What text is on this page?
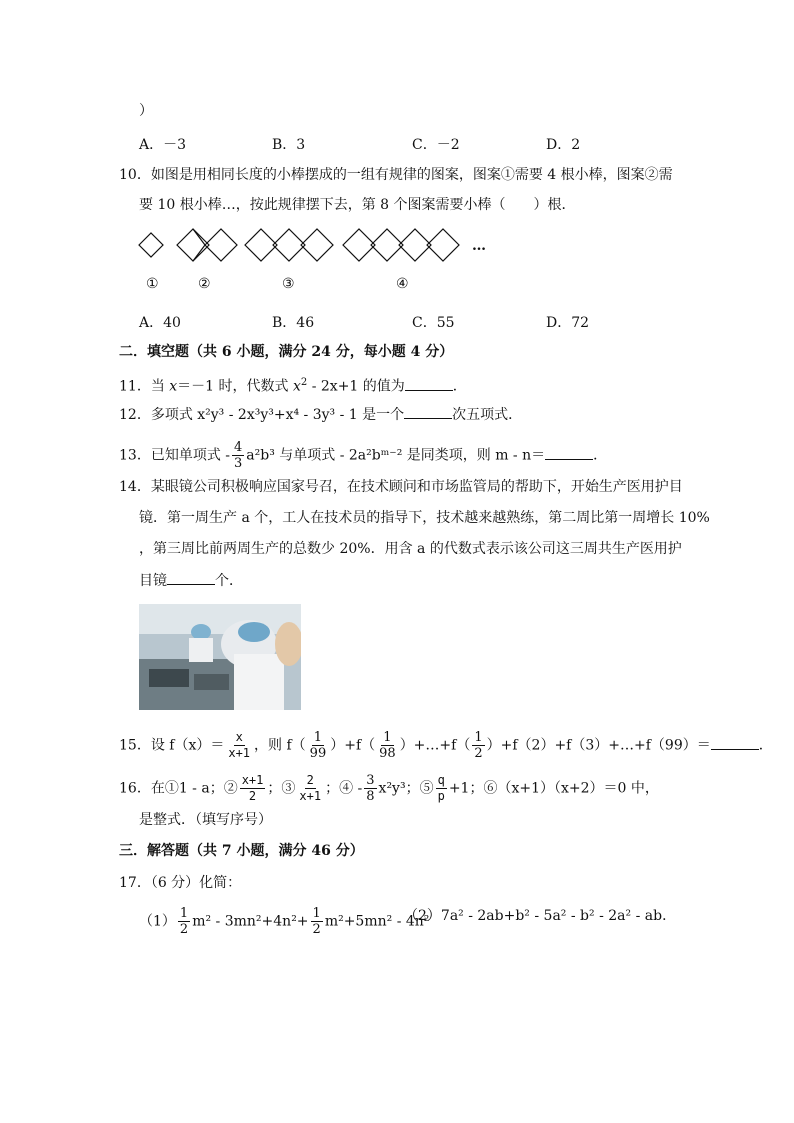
）
A．－3	B．3	C．－2	D．2
10．如图是用相同长度的小棒摆成的一组有规律的图案，图案①需要 4 根小棒，图案②需
要 10 根小棒…，按此规律摆下去，第 8 个图案需要小棒（　　）根．
…
①	②	③	④
A．40	B．46	C．55	D．72
二．填空题（共 6 小题，满分 24 分，每小题 4 分）
11．当 x＝－1 时，代数式 $x^2 - 2x+1$ 的值为	．
12．多项式 x²y³ - 2x³y³+x⁴ - 3y³ - 1 是一个	次五项式．
13．已知单项式 - $\frac{4}{3} a^2b^3$ 与单项式 - 2a²bᵐ⁻² 是同类项，则 m - n＝	．
14．某眼镜公司积极响应国家号召，在技术顾问和市场监管局的帮助下，开始生产医用护目
镜．第一周生产 a 个，工人在技术员的指导下，技术越来越熟练，第二周比第一周增长 10%
，第三周比前两周生产的总数少 20%．用含 a 的代数式表示该公司这三周共生产医用护
目镜	个．
15．设 $f(x)= \frac{x}{x+1}$ ，则 $f( \frac{1}{99} )+f( \frac{1}{98}$ ）+…+f（ $\frac{1}{2}$ ）+f（2）+f（3）+…+f（99）＝	．
16．在①1 - a；② $\frac{x+1}{2}$ ；③ $\frac{2}{x+1}$ ；④ - $\frac{3}{8} x^2y^3$；⑤ $\frac{q}{p} +1$；⑥（x+1）（x+2）＝0 中，
是整式．（填写序号）
三．解答题（共 7 小题，满分 46 分）
17．（6 分）化简：
$(1) \frac{1}{2} m^2 - 3mn^2+4n^2+ \frac{1}{2} m^2+5mn^2 - 4n^2$
（2）7a² - 2ab+b² - 5a² - b² - 2a² - ab．
